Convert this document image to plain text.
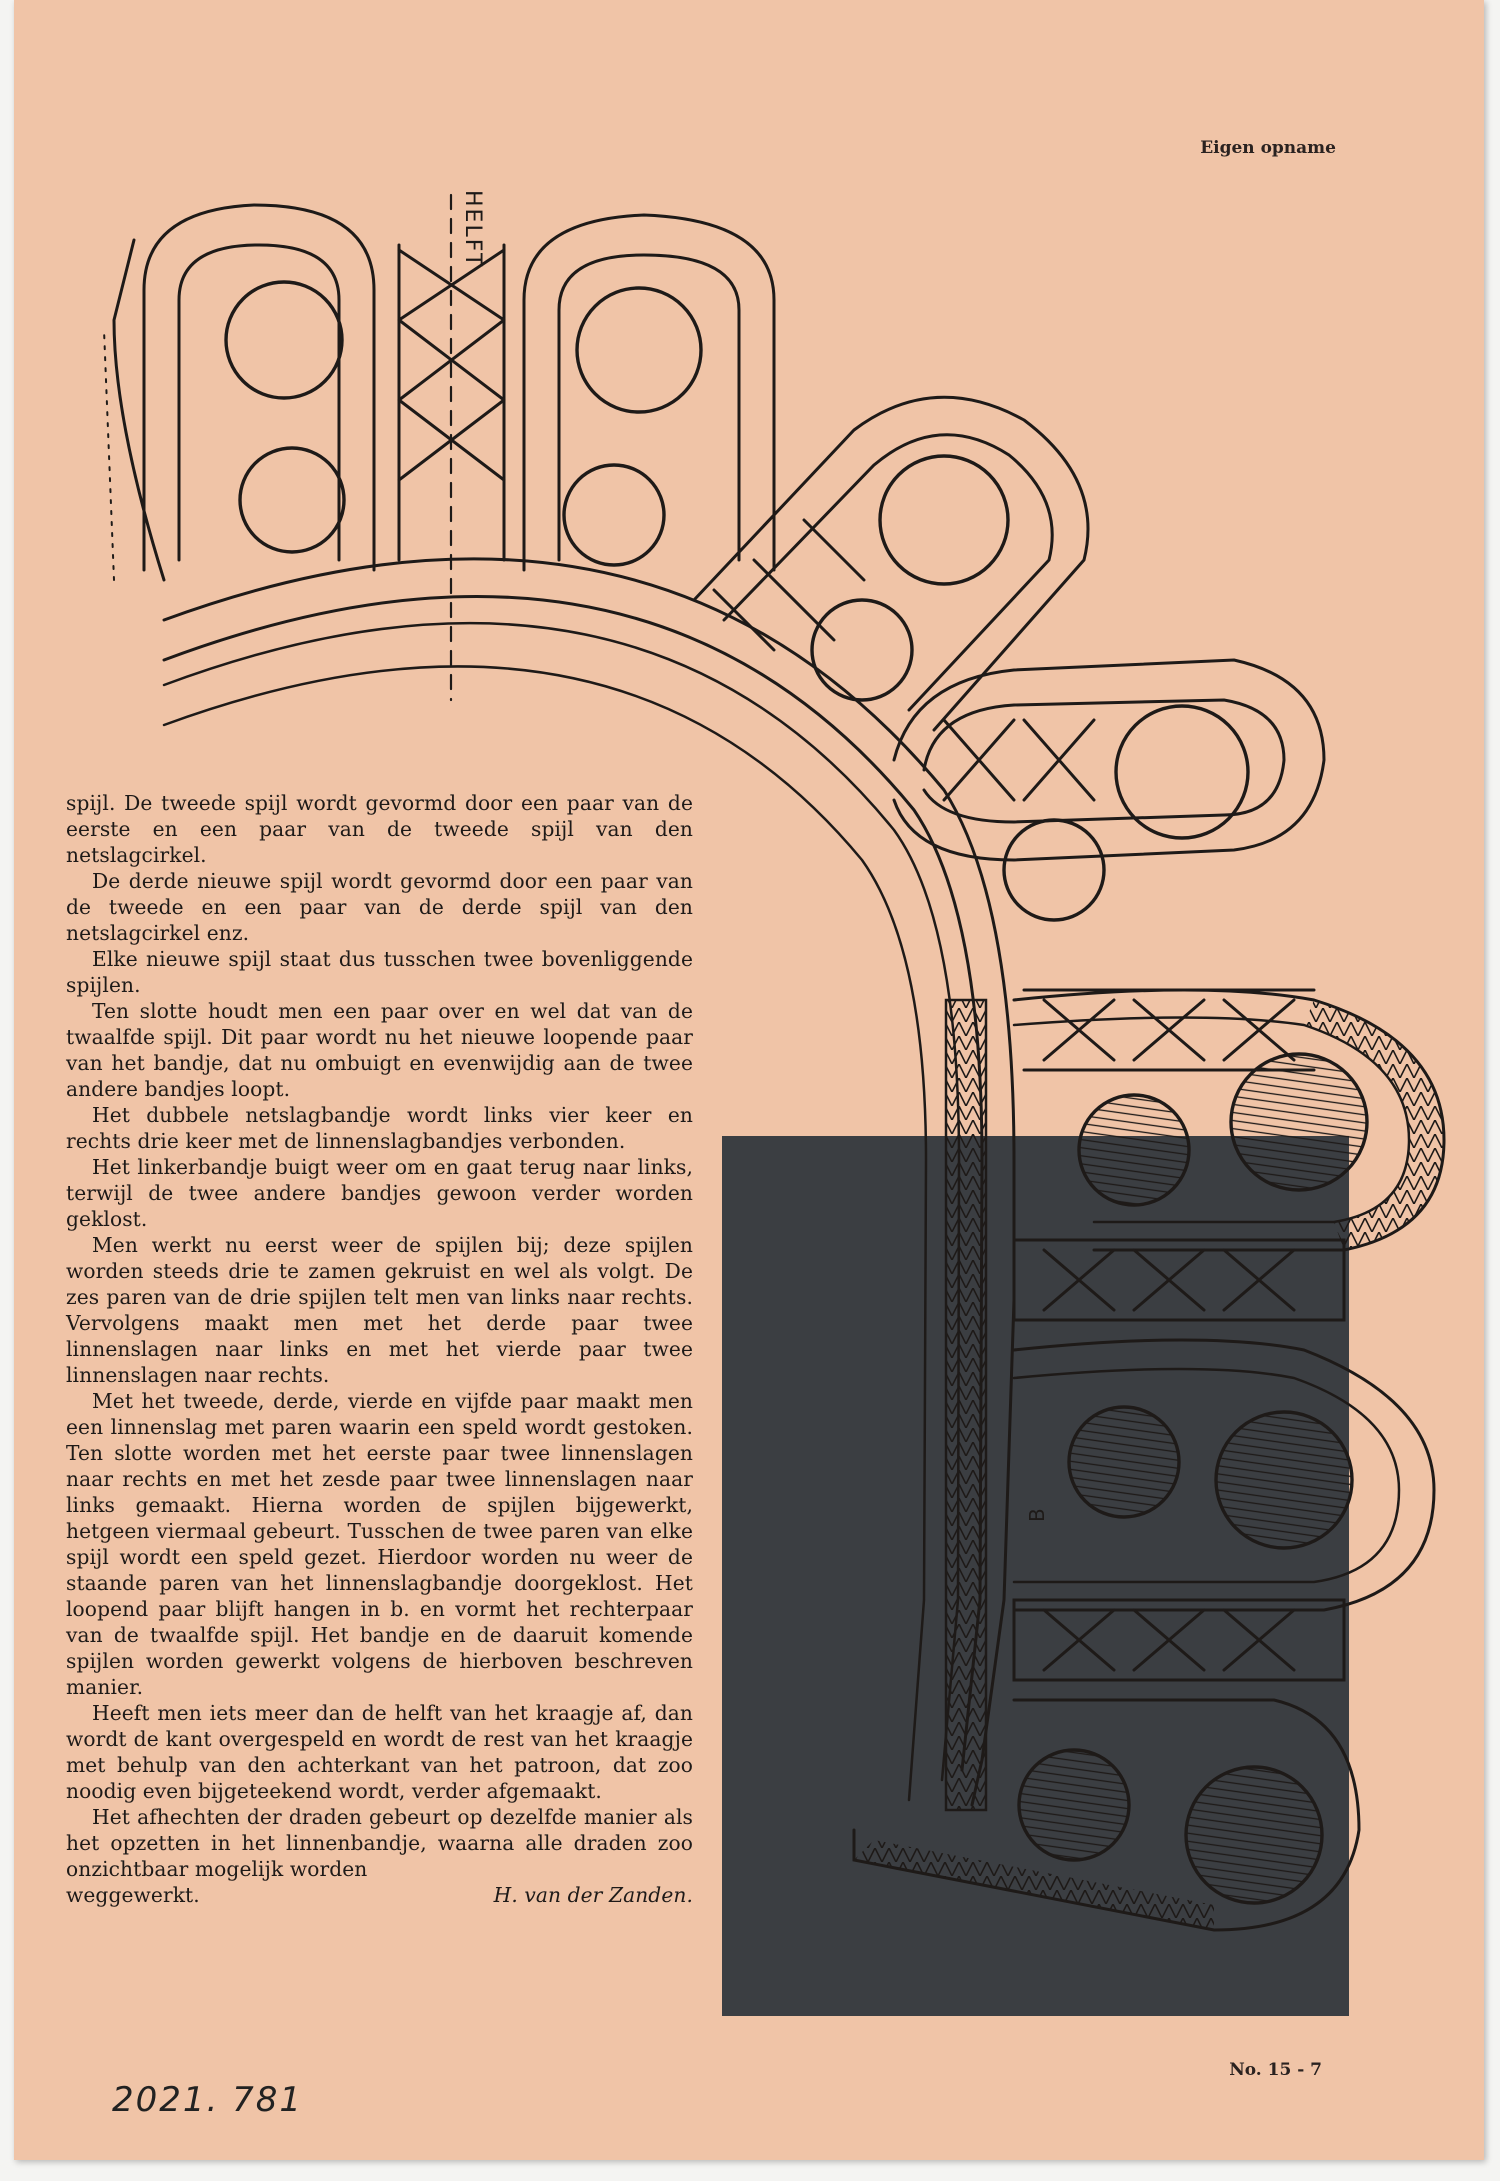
Eigen opname
HELFT
B

spijl. De tweede spijl wordt gevormd door een paar van de eerste en een paar van de tweede spijl van den netslagcirkel.

De derde nieuwe spijl wordt gevormd door een paar van de tweede en een paar van de derde spijl van den netslagcirkel enz.

Elke nieuwe spijl staat dus tusschen twee bovenliggende spijlen.

Ten slotte houdt men een paar over en wel dat van de twaalfde spijl. Dit paar wordt nu het nieuwe loopende paar van het bandje, dat nu ombuigt en evenwijdig aan de twee andere bandjes loopt.

Het dubbele netslagbandje wordt links vier keer en rechts drie keer met de linnenslagbandjes verbonden.

Het linkerbandje buigt weer om en gaat terug naar links, terwijl de twee andere bandjes gewoon verder worden geklost.

Men werkt nu eerst weer de spijlen bij; deze spijlen worden steeds drie te zamen gekruist en wel als volgt. De zes paren van de drie spijlen telt men van links naar rechts. Vervolgens maakt men met het derde paar twee linnenslagen naar links en met het vierde paar twee linnenslagen naar rechts.

Met het tweede, derde, vierde en vijfde paar maakt men een linnenslag met paren waarin een speld wordt gestoken. Ten slotte worden met het eerste paar twee linnenslagen naar rechts en met het zesde paar twee linnenslagen naar links gemaakt. Hierna worden de spijlen bijgewerkt, hetgeen viermaal gebeurt. Tusschen de twee paren van elke spijl wordt een speld gezet. Hierdoor worden nu weer de staande paren van het linnenslagbandje doorgeklost. Het loopend paar blijft hangen in b. en vormt het rechterpaar van de twaalfde spijl. Het bandje en de daaruit komende spijlen worden gewerkt volgens de hierboven beschreven manier.

Heeft men iets meer dan de helft van het kraagje af, dan wordt de kant overgespeld en wordt de rest van het kraagje met behulp van den achterkant van het patroon, dat zoo noodig even bijgeteekend wordt, verder afgemaakt.

Het afhechten der draden gebeurt op dezelfde manier als het opzetten in het linnenbandje, waarna alle draden zoo onzichtbaar mogelijk worden

weggewerkt.	H. van der Zanden.
No. 15 - 7
2021. 781
